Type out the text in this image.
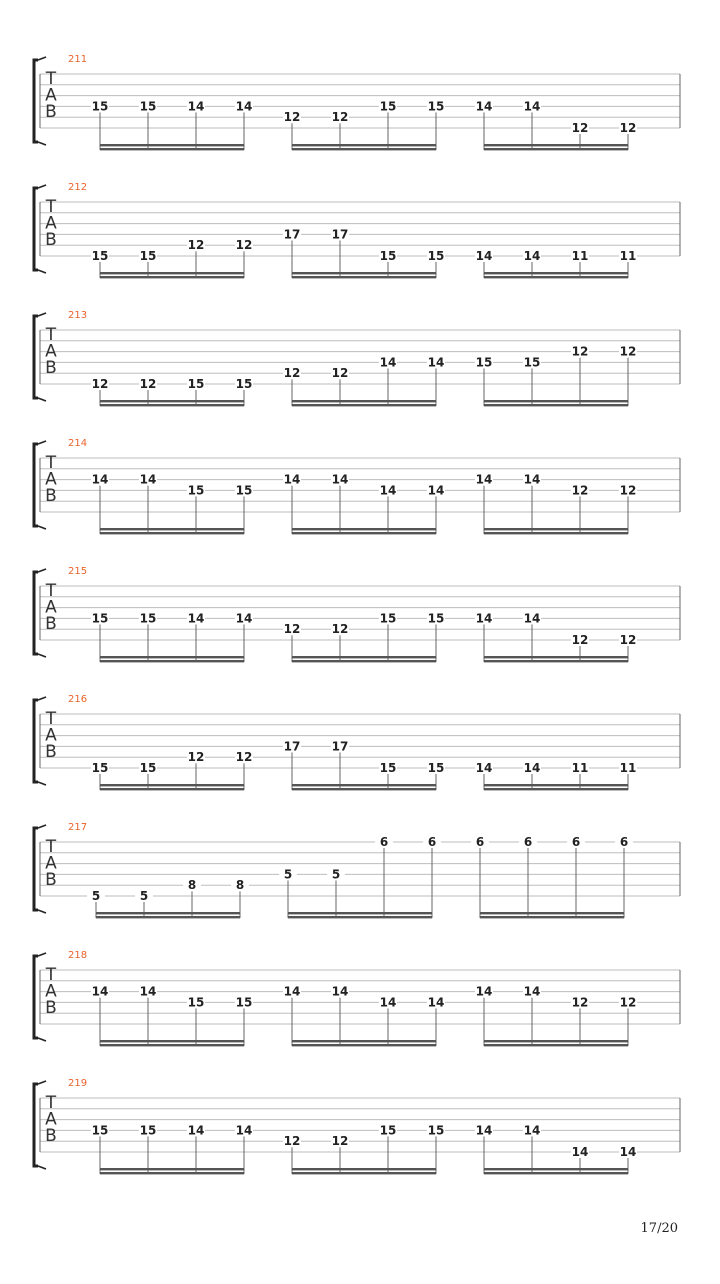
211
T
A
B	15	15	14	14
12	12
15	15	14	14
12	12
212
T
A
B
15	15
12	12
17	17
15	15	14	14	11	11
213
T
A
B
12	12	15	15
12	12
14	14	15	15
12	12
214
T
A
B
14	14
15	15
14	14
14	14
14	14
12	12
215
T
A
B	15	15	14	14
12	12
15	15	14	14
12	12
216
T
A
B
15	15
12	12
17	17
15	15	14	14	11	11
217
T
A
B
5	5
8	8
5	5
6	6	6	6	6	6
218
T
A
B
14	14
15	15
14	14
14	14
14	14
12	12
219
T
A
B	15	15	14	14
12	12
15	15	14	14
14	14
17/20
